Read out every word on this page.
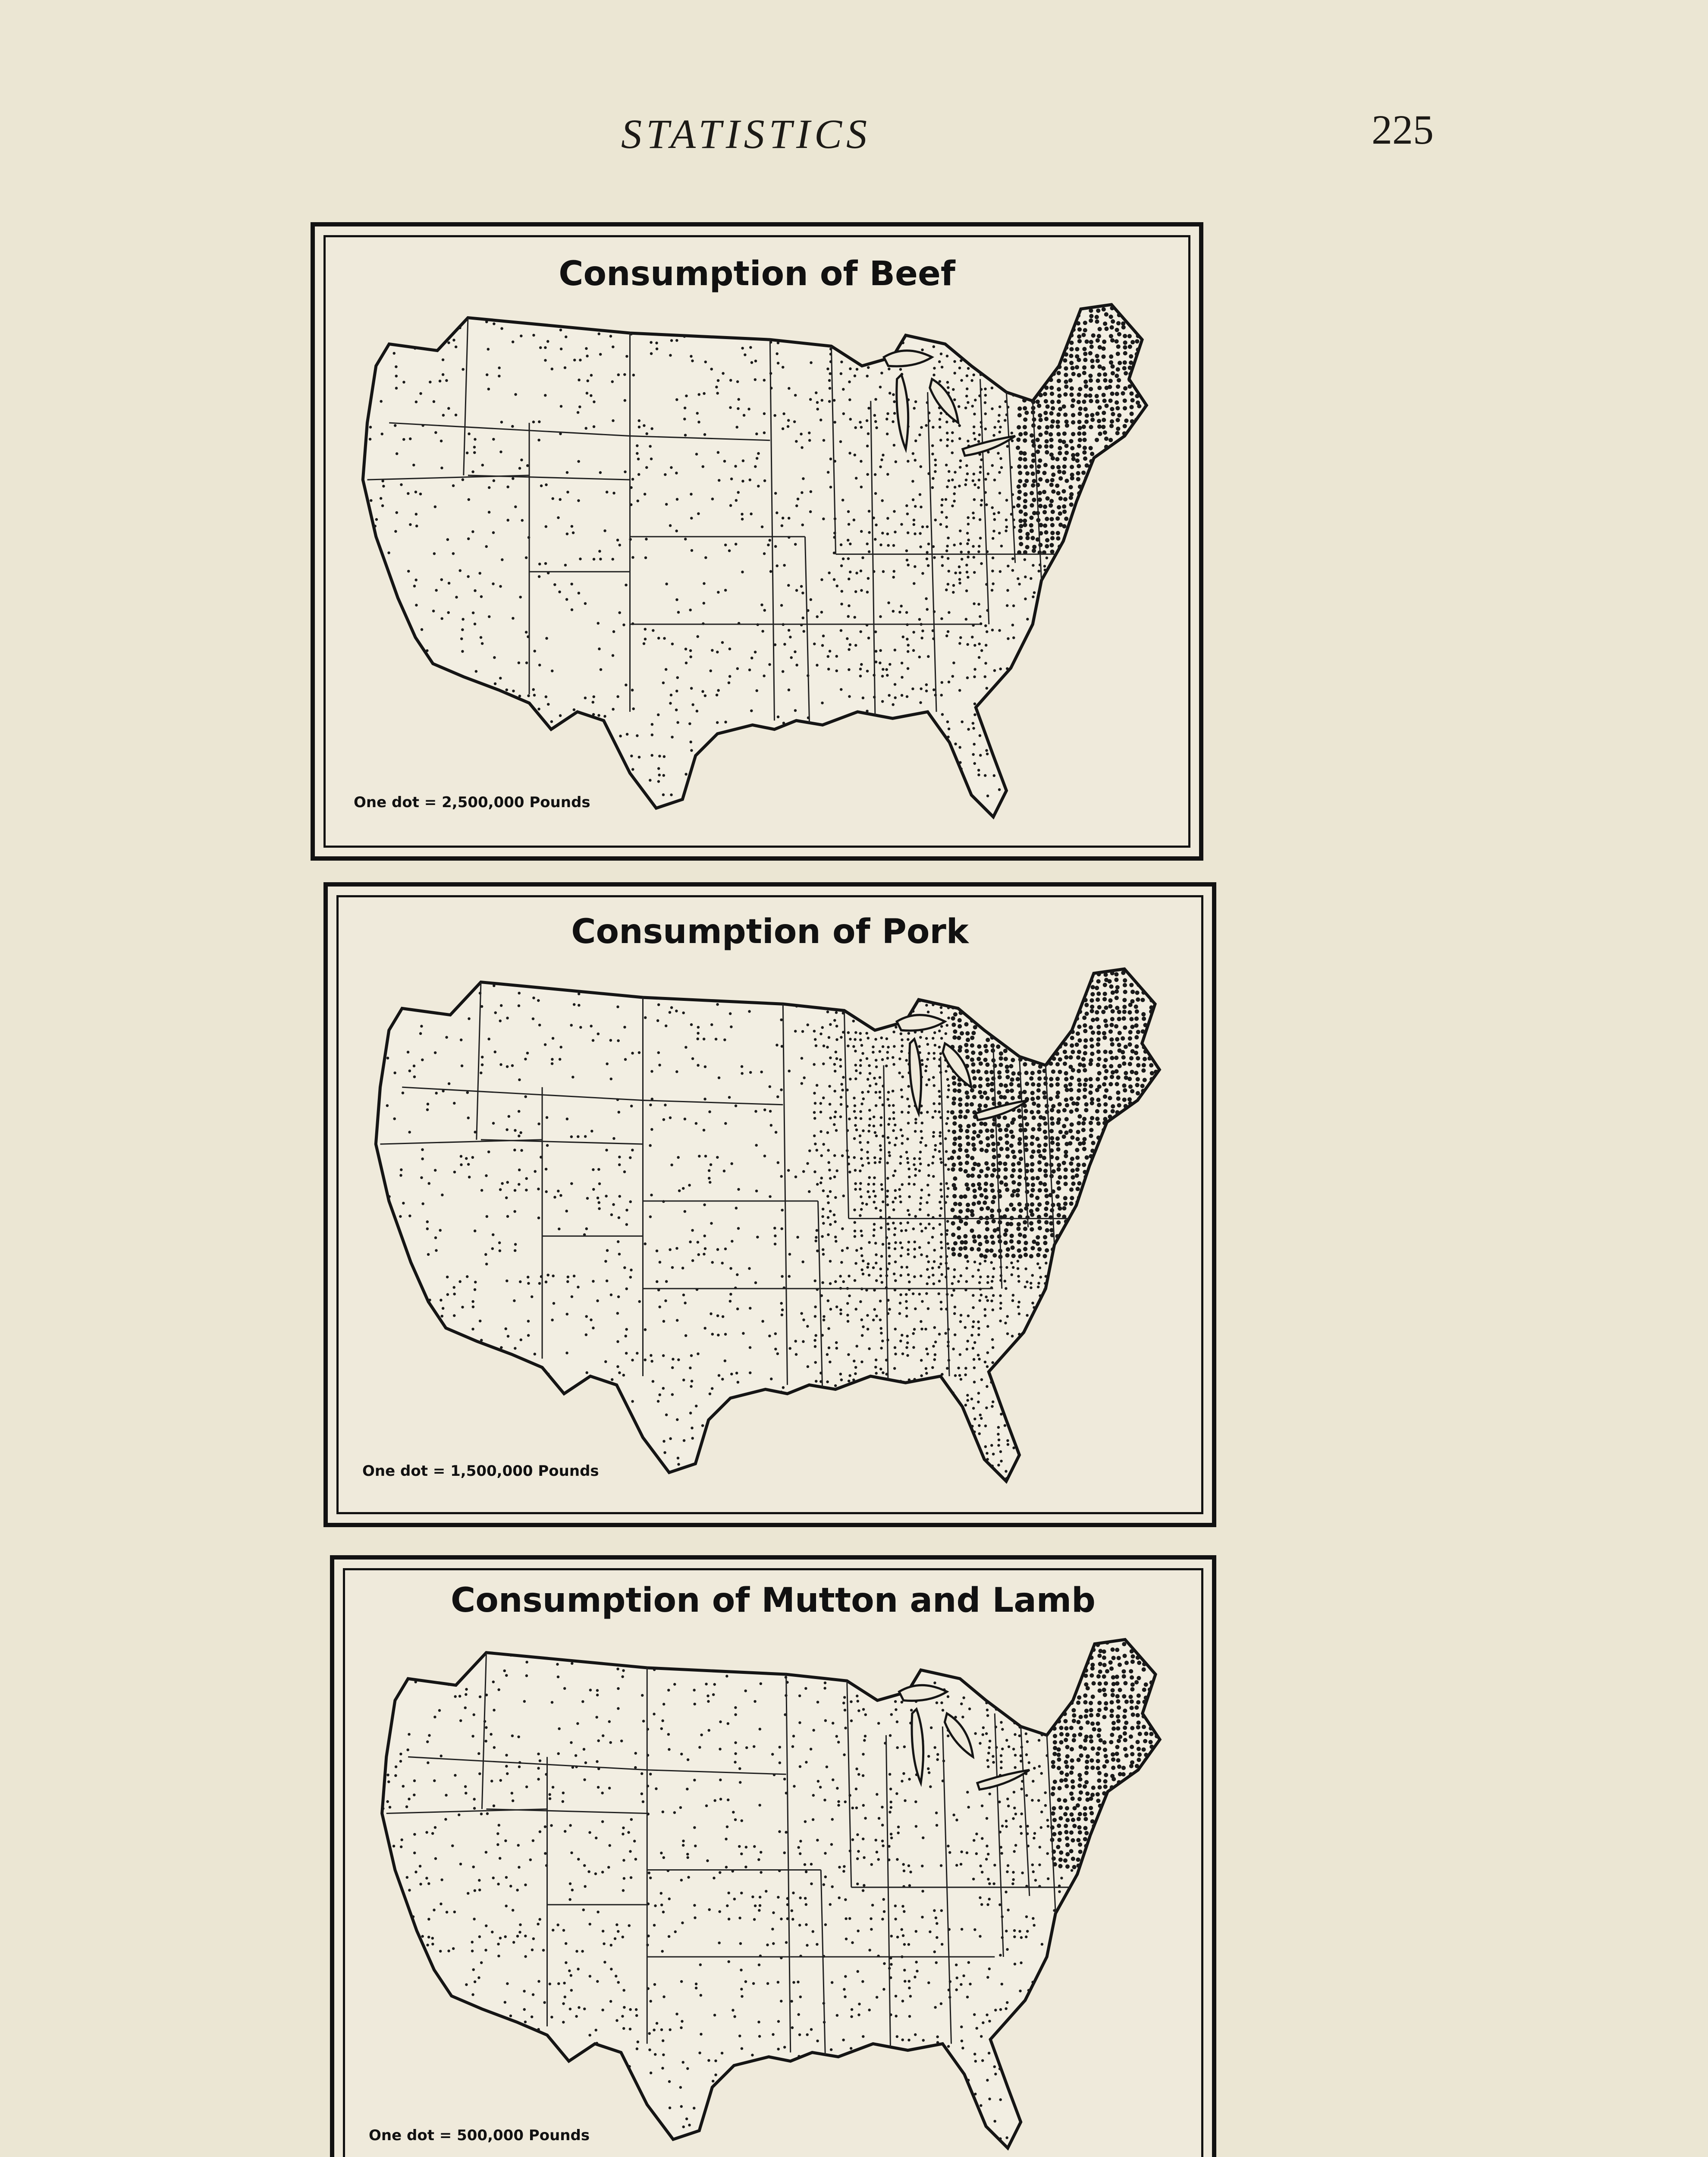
STATISTICS	225
Consumption of Beef
One dot = 2,500,000 Pounds
Consumption of Pork
One dot = 1,500,000 Pounds
Consumption of Mutton and Lamb
One dot = 500,000 Pounds
